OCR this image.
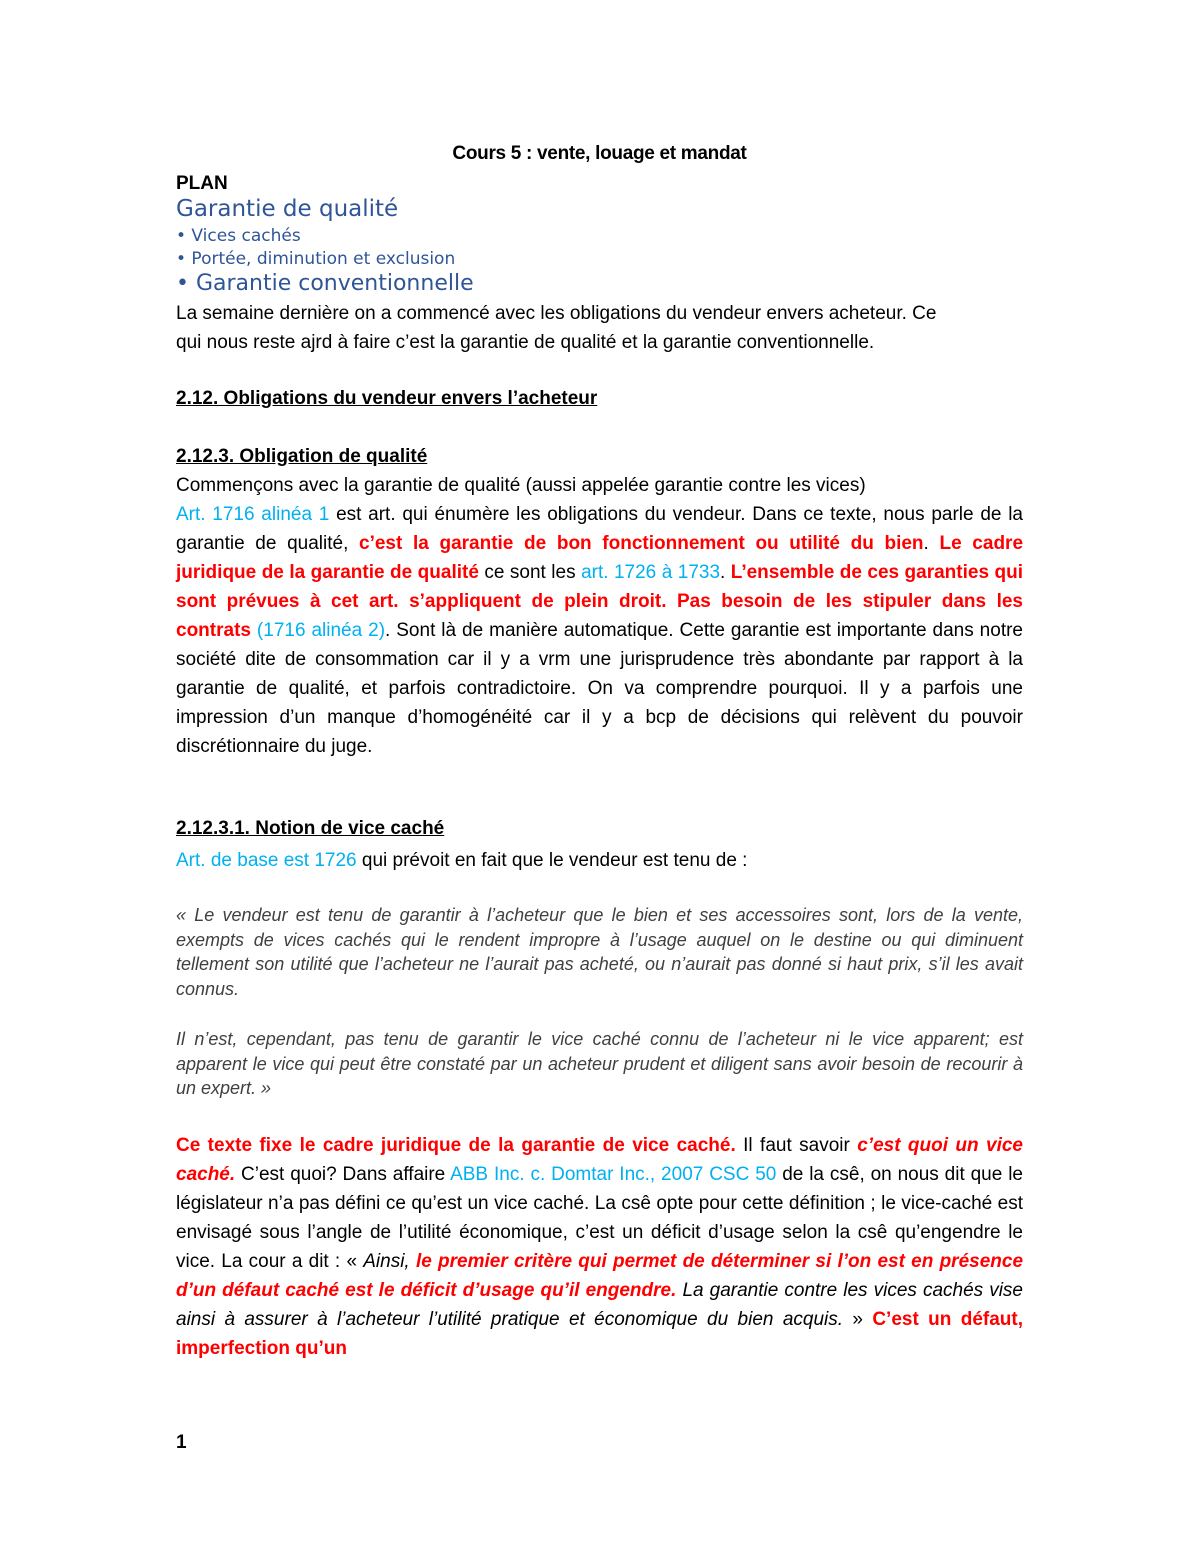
Cours 5 : vente, louage et mandat
PLAN
Garantie de qualité
• Vices cachés
• Portée, diminution et exclusion
• Garantie conventionnelle
La semaine dernière on a commencé avec les obligations du vendeur envers acheteur. Ce
qui nous reste ajrd à faire c’est la garantie de qualité et la garantie conventionnelle.
2.12. Obligations du vendeur envers l’acheteur
2.12.3. Obligation de qualité
Commençons avec la garantie de qualité (aussi appelée garantie contre les vices)
Art. 1716 alinéa 1 est art. qui énumère les obligations du vendeur. Dans ce texte, nous parle de la garantie de qualité, c’est la garantie de bon fonctionnement ou utilité du bien. Le cadre juridique de la garantie de qualité ce sont les art. 1726 à 1733. L’ensemble de ces garanties qui sont prévues à cet art. s’appliquent de plein droit. Pas besoin de les stipuler dans les contrats (1716 alinéa 2). Sont là de manière automatique. Cette garantie est importante dans notre société dite de consommation car il y a vrm une jurisprudence très abondante par rapport à la garantie de qualité, et parfois contradictoire. On va comprendre pourquoi. Il y a parfois une impression d’un manque d’homogénéité car il y a bcp de décisions qui relèvent du pouvoir discrétionnaire du juge.
2.12.3.1. Notion de vice caché
Art. de base est 1726 qui prévoit en fait que le vendeur est tenu de :
« Le vendeur est tenu de garantir à l’acheteur que le bien et ses accessoires sont, lors de la vente, exempts de vices cachés qui le rendent impropre à l’usage auquel on le destine ou qui diminuent tellement son utilité que l’acheteur ne l’aurait pas acheté, ou n’aurait pas donné si haut prix, s’il les avait connus.
Il n’est, cependant, pas tenu de garantir le vice caché connu de l’acheteur ni le vice apparent; est apparent le vice qui peut être constaté par un acheteur prudent et diligent sans avoir besoin de recourir à un expert. »
Ce texte fixe le cadre juridique de la garantie de vice caché. Il faut savoir c’est quoi un vice caché. C’est quoi? Dans affaire ABB Inc. c. Domtar Inc., 2007 CSC 50 de la csê, on nous dit que le législateur n’a pas défini ce qu’est un vice caché. La csê opte pour cette définition ; le vice-caché est envisagé sous l’angle de l’utilité économique, c’est un déficit d’usage selon la csê qu’engendre le vice. La cour a dit : « Ainsi, le premier critère qui permet de déterminer si l’on est en présence d’un défaut caché est le déficit d’usage qu’il engendre. La garantie contre les vices cachés vise ainsi à assurer à l’acheteur l’utilité pratique et économique du bien acquis. » C’est un défaut, imperfection qu’un
1
